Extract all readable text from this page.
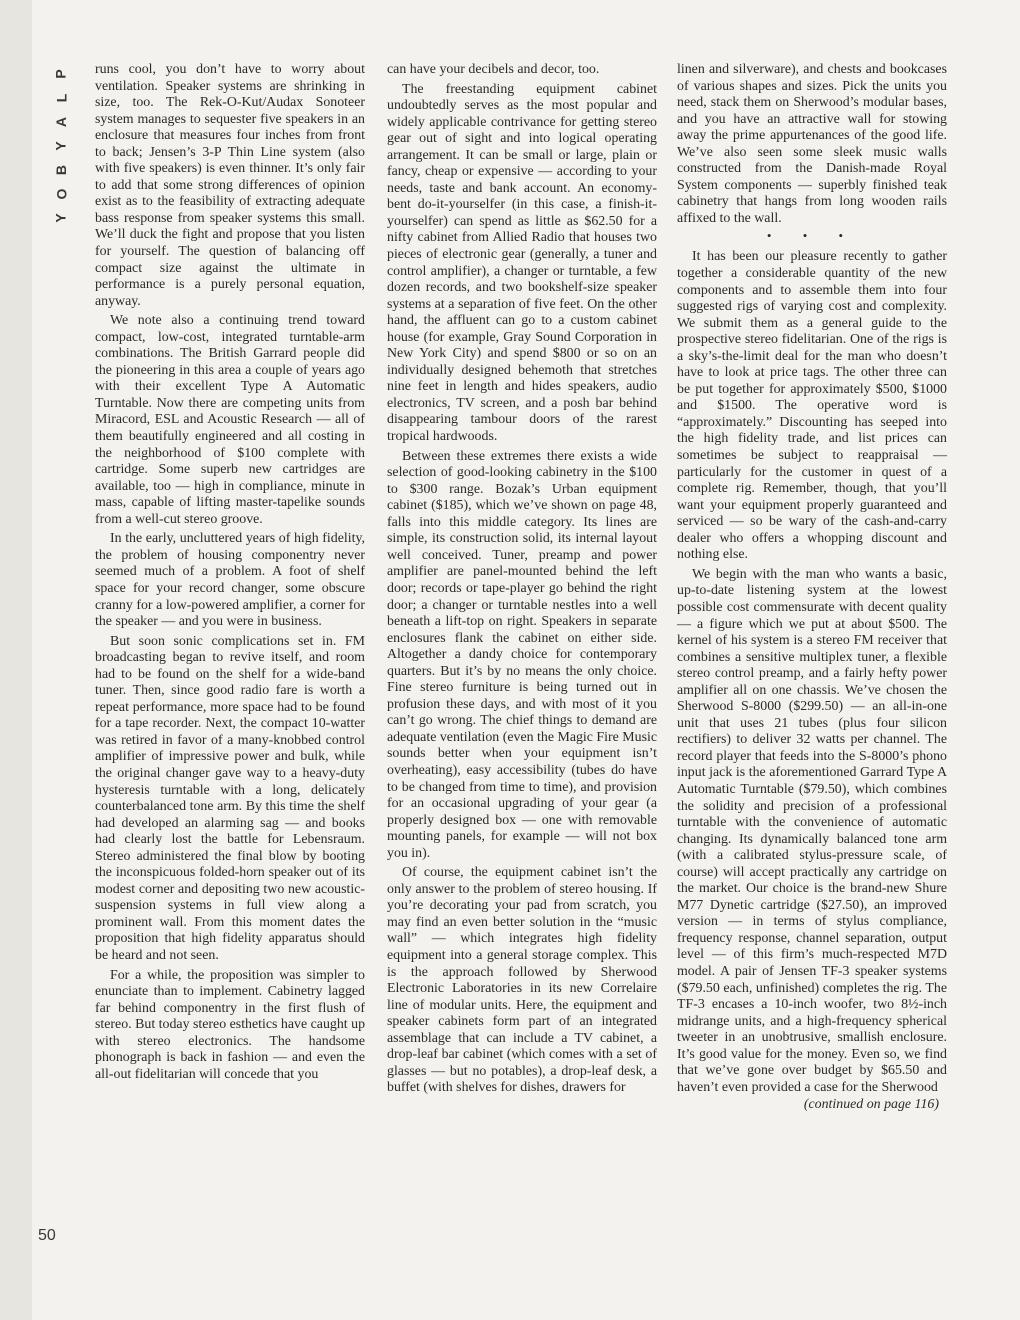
P
L
A
Y
B
O
Y

runs cool, you don’t have to worry about ventilation. Speaker systems are shrinking in size, too. The Rek-O-Kut/Audax Sonoteer system manages to sequester five speakers in an enclosure that measures four inches from front to back; Jensen’s 3-P Thin Line system (also with five speakers) is even thinner. It’s only fair to add that some strong differences of opinion exist as to the feasibility of extracting adequate bass response from speaker systems this small. We’ll duck the fight and propose that you listen for yourself. The question of balancing off compact size against the ultimate in performance is a purely personal equation, anyway.

We note also a continuing trend toward compact, low-cost, integrated turntable-arm combinations. The British Garrard people did the pioneering in this area a couple of years ago with their excellent Type A Automatic Turntable. Now there are competing units from Miracord, ESL and Acoustic Research — all of them beautifully engineered and all costing in the neighborhood of $100 complete with cartridge. Some superb new cartridges are available, too — high in compliance, minute in mass, capable of lifting master-tapelike sounds from a well-cut stereo groove.

In the early, uncluttered years of high fidelity, the problem of housing componentry never seemed much of a problem. A foot of shelf space for your record changer, some obscure cranny for a low-powered amplifier, a corner for the speaker — and you were in business.

But soon sonic complications set in. FM broadcasting began to revive itself, and room had to be found on the shelf for a wide-band tuner. Then, since good radio fare is worth a repeat performance, more space had to be found for a tape recorder. Next, the compact 10-watter was retired in favor of a many-knobbed control amplifier of impressive power and bulk, while the original changer gave way to a heavy-duty hysteresis turntable with a long, delicately counterbalanced tone arm. By this time the shelf had developed an alarming sag — and books had clearly lost the battle for Lebensraum. Stereo administered the final blow by booting the inconspicuous folded-horn speaker out of its modest corner and depositing two new acoustic-suspension systems in full view along a prominent wall. From this moment dates the proposition that high fidelity apparatus should be heard and not seen.

For a while, the proposition was simpler to enunciate than to implement. Cabinetry lagged far behind componentry in the first flush of stereo. But today stereo esthetics have caught up with stereo electronics. The handsome phonograph is back in fashion — and even the all-out fidelitarian will concede that you

can have your decibels and decor, too.

The freestanding equipment cabinet undoubtedly serves as the most popular and widely applicable contrivance for getting stereo gear out of sight and into logical operating arrangement. It can be small or large, plain or fancy, cheap or expensive — according to your needs, taste and bank account. An economy-bent do-it-yourselfer (in this case, a finish-it-yourselfer) can spend as little as $62.50 for a nifty cabinet from Allied Radio that houses two pieces of electronic gear (generally, a tuner and control amplifier), a changer or turntable, a few dozen records, and two bookshelf-size speaker systems at a separation of five feet. On the other hand, the affluent can go to a custom cabinet house (for example, Gray Sound Corporation in New York City) and spend $800 or so on an individually designed behemoth that stretches nine feet in length and hides speakers, audio electronics, TV screen, and a posh bar behind disappearing tambour doors of the rarest tropical hardwoods.

Between these extremes there exists a wide selection of good-looking cabinetry in the $100 to $300 range. Bozak’s Urban equipment cabinet ($185), which we’ve shown on page 48, falls into this middle category. Its lines are simple, its construction solid, its internal layout well conceived. Tuner, preamp and power amplifier are panel-mounted behind the left door; records or tape-player go behind the right door; a changer or turntable nestles into a well beneath a lift-top on right. Speakers in separate enclosures flank the cabinet on either side. Altogether a dandy choice for contemporary quarters. But it’s by no means the only choice. Fine stereo furniture is being turned out in profusion these days, and with most of it you can’t go wrong. The chief things to demand are adequate ventilation (even the Magic Fire Music sounds better when your equipment isn’t overheating), easy accessibility (tubes do have to be changed from time to time), and provision for an occasional upgrading of your gear (a properly designed box — one with removable mounting panels, for example — will not box you in).

Of course, the equipment cabinet isn’t the only answer to the problem of stereo housing. If you’re decorating your pad from scratch, you may find an even better solution in the “music wall” — which integrates high fidelity equipment into a general storage complex. This is the approach followed by Sherwood Electronic Laboratories in its new Correlaire line of modular units. Here, the equipment and speaker cabinets form part of an integrated assemblage that can include a TV cabinet, a drop-leaf bar cabinet (which comes with a set of glasses — but no potables), a drop-leaf desk, a buffet (with shelves for dishes, drawers for

linen and silverware), and chests and bookcases of various shapes and sizes. Pick the units you need, stack them on Sherwood’s modular bases, and you have an attractive wall for stowing away the prime appurtenances of the good life. We’ve also seen some sleek music walls constructed from the Danish-made Royal System components — superbly finished teak cabinetry that hangs from long wooden rails affixed to the wall.

• • •

It has been our pleasure recently to gather together a considerable quantity of the new components and to assemble them into four suggested rigs of varying cost and complexity. We submit them as a general guide to the prospective stereo fidelitarian. One of the rigs is a sky’s-the-limit deal for the man who doesn’t have to look at price tags. The other three can be put together for approximately $500, $1000 and $1500. The operative word is “approximately.” Discounting has seeped into the high fidelity trade, and list prices can sometimes be subject to reappraisal — particularly for the customer in quest of a complete rig. Remember, though, that you’ll want your equipment properly guaranteed and serviced — so be wary of the cash-and-carry dealer who offers a whopping discount and nothing else.

We begin with the man who wants a basic, up-to-date listening system at the lowest possible cost commensurate with decent quality — a figure which we put at about $500. The kernel of his system is a stereo FM receiver that combines a sensitive multiplex tuner, a flexible stereo control preamp, and a fairly hefty power amplifier all on one chassis. We’ve chosen the Sherwood S-8000 ($299.50) — an all-in-one unit that uses 21 tubes (plus four silicon rectifiers) to deliver 32 watts per channel. The record player that feeds into the S-8000’s phono input jack is the aforementioned Garrard Type A Automatic Turntable ($79.50), which combines the solidity and precision of a professional turntable with the convenience of automatic changing. Its dynamically balanced tone arm (with a calibrated stylus-pressure scale, of course) will accept practically any cartridge on the market. Our choice is the brand-new Shure M77 Dynetic cartridge ($27.50), an improved version — in terms of stylus compliance, frequency response, channel separation, output level — of this firm’s much-respected M7D model. A pair of Jensen TF-3 speaker systems ($79.50 each, unfinished) completes the rig. The TF-3 encases a 10-inch woofer, two 8½-inch midrange units, and a high-frequency spherical tweeter in an unobtrusive, smallish enclosure. It’s good value for the money. Even so, we find that we’ve gone over budget by $65.50 and haven’t even provided a case for the Sherwood

(continued on page 116)
50
